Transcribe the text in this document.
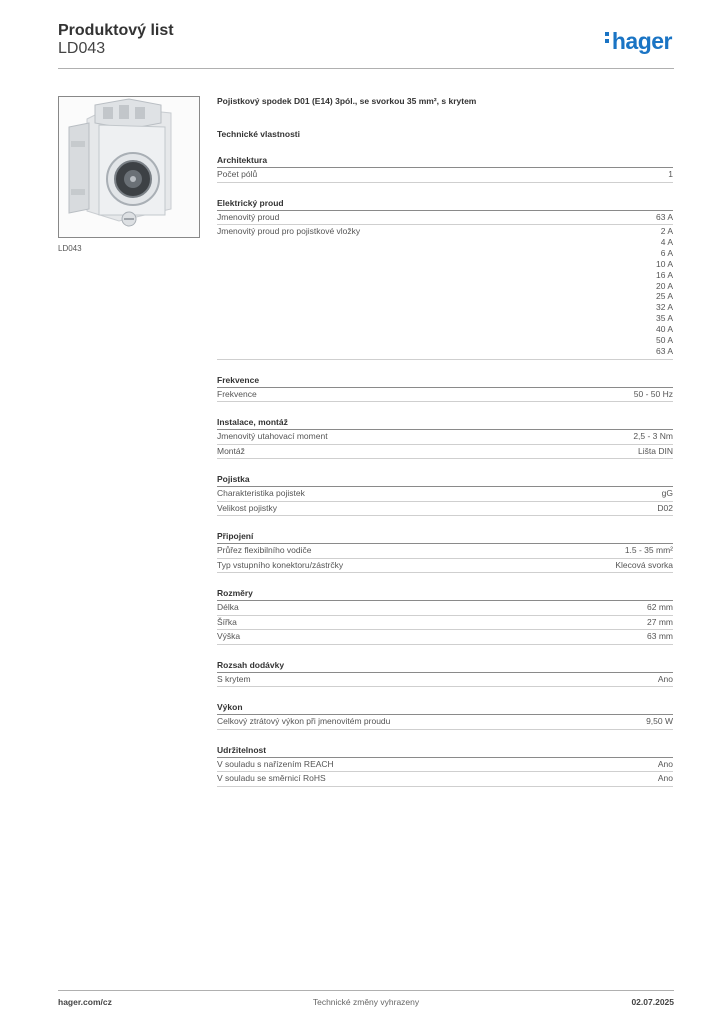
Produktový list
LD043	hager
LD043
Pojistkový spodek D01 (E14) 3pól., se svorkou 35 mm², s krytem
Technické vlastnosti
Architektura
Počet pólů	1
Elektrický proud
Jmenovitý proud	63 A
Jmenovitý proud pro pojistkové vložky	2 A
4 A
6 A
10 A
16 A
20 A
25 A
32 A
35 A
40 A
50 A
63 A
Frekvence
Frekvence	50 - 50 Hz
Instalace, montáž
Jmenovitý utahovací moment	2,5 - 3 Nm
Montáž	Lišta DIN
Pojistka
Charakteristika pojistek	gG
Velikost pojistky	D02
Připojení
Průřez flexibilního vodiče	1.5 - 35 mm²
Typ vstupního konektoru/zástrčky	Klecová svorka
Rozměry
Délka	62 mm
Šířka	27 mm
Výška	63 mm
Rozsah dodávky
S krytem	Ano
Výkon
Celkový ztrátový výkon při jmenovitém proudu	9,50 W
Udržitelnost
V souladu s nařízením REACH	Ano
V souladu se směrnicí RoHS	Ano
hager.com/cz	Technické změny vyhrazeny	02.07.2025
